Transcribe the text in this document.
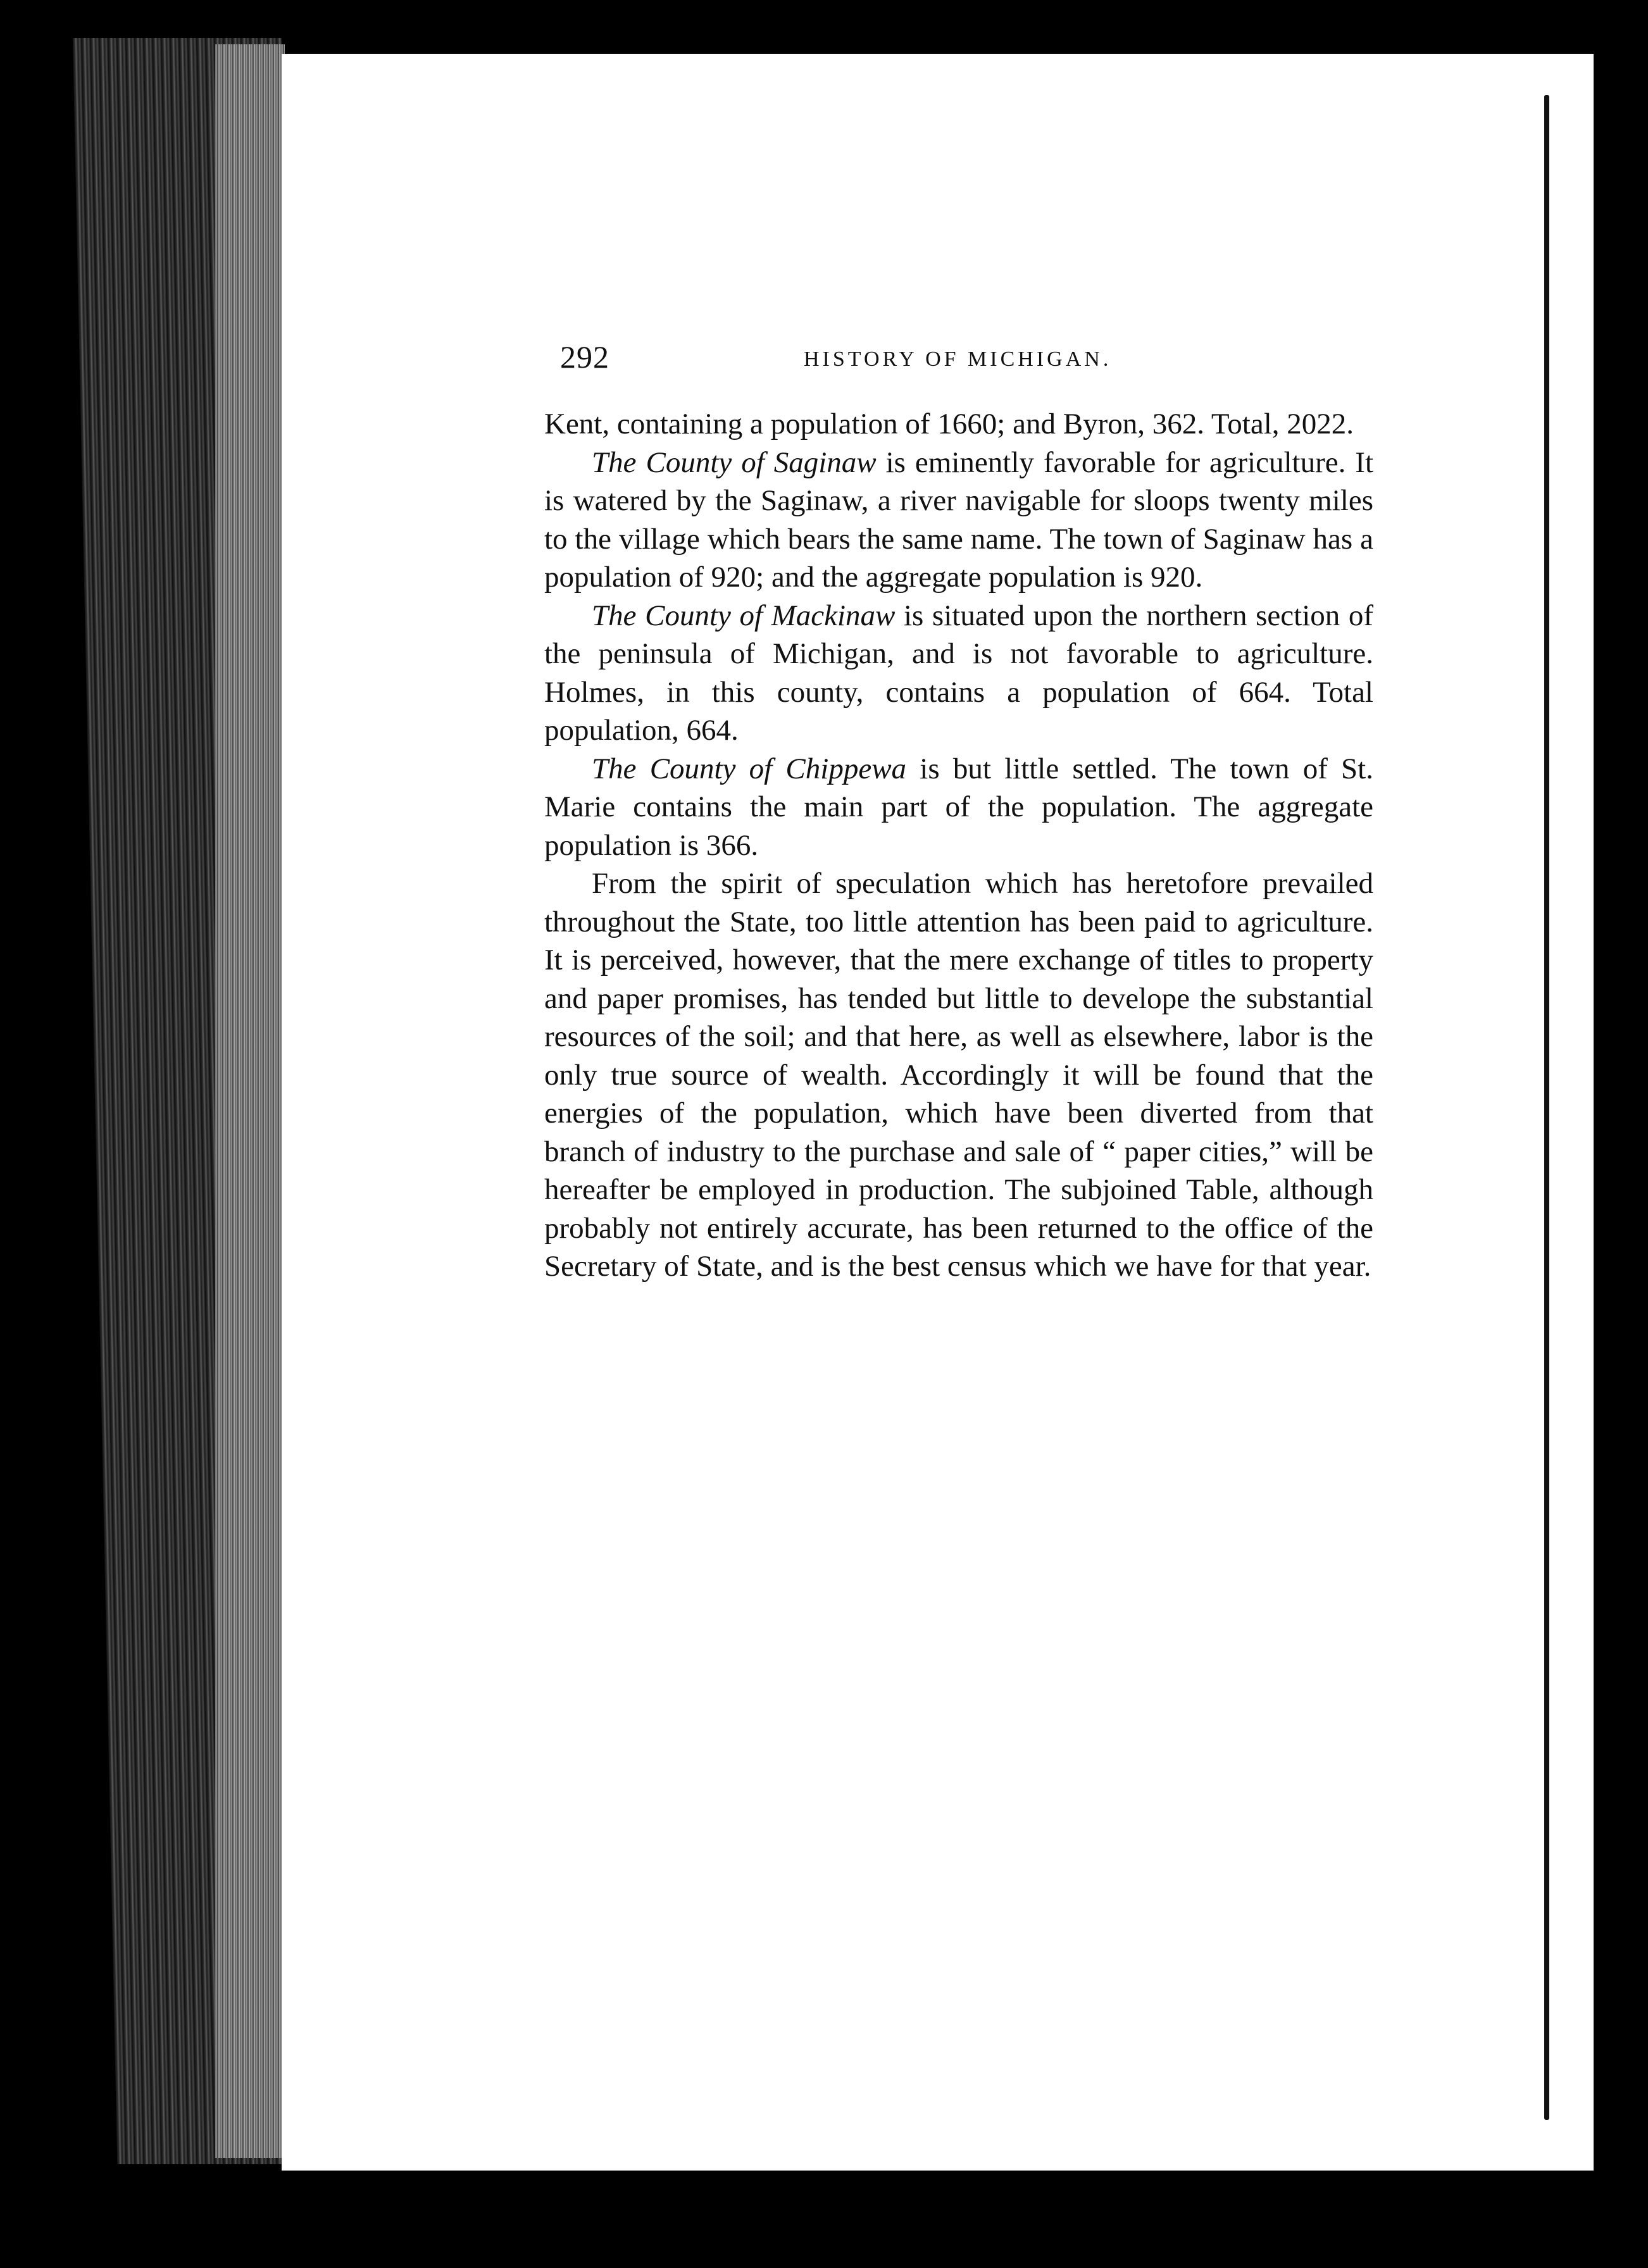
292	HISTORY OF MICHIGAN.

Kent, containing a population of 1660; and Byron, 362. Total, 2022.

The County of Saginaw is eminently favorable for agriculture. It is watered by the Saginaw, a river navigable for sloops twenty miles to the village which bears the same name. The town of Saginaw has a population of 920; and the aggregate population is 920.

The County of Mackinaw is situated upon the northern section of the peninsula of Michigan, and is not favorable to agriculture. Holmes, in this county, contains a population of 664. Total population, 664.

The County of Chippewa is but little settled. The town of St. Marie contains the main part of the population. The aggregate population is 366.

From the spirit of speculation which has heretofore prevailed throughout the State, too little attention has been paid to agriculture. It is perceived, however, that the mere exchange of titles to property and paper promises, has tended but little to develope the substantial resources of the soil; and that here, as well as elsewhere, labor is the only true source of wealth. Accordingly it will be found that the energies of the population, which have been diverted from that branch of industry to the purchase and sale of “ paper cities,” will be hereafter be employed in production. The subjoined Table, although probably not entirely accurate, has been returned to the office of the Secretary of State, and is the best census which we have for that year.
